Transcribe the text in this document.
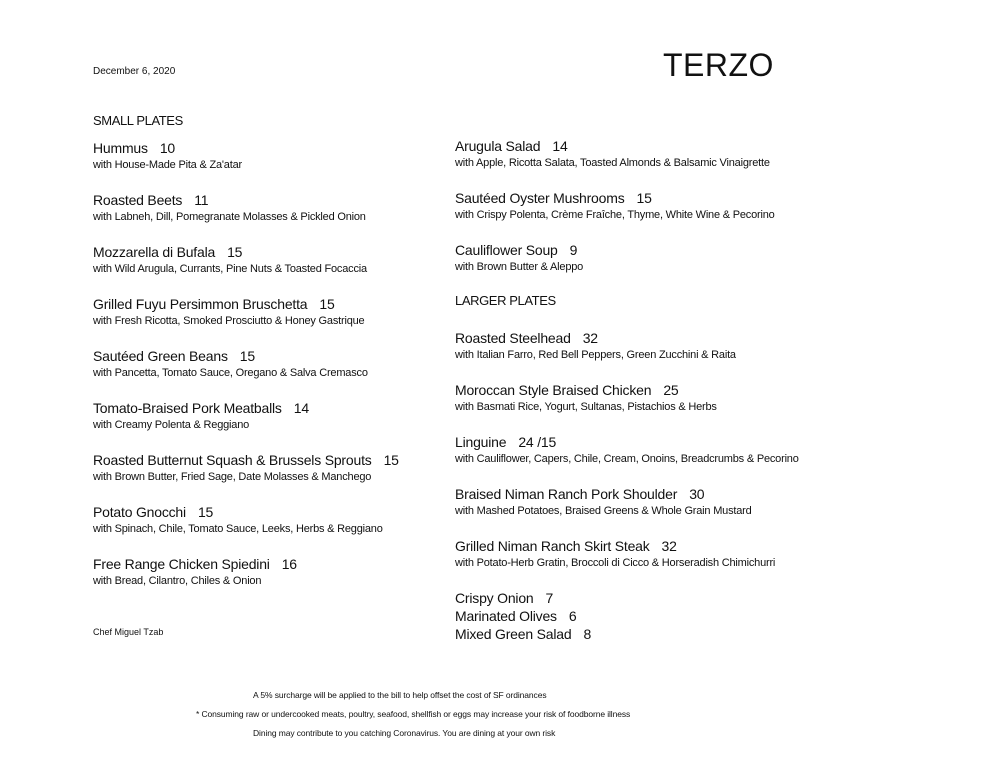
December 6, 2020	TERZO
SMALL PLATES
Hummus 10
with House-Made Pita & Za'atar
Roasted Beets 11
with Labneh, Dill, Pomegranate Molasses & Pickled Onion
Mozzarella di Bufala 15
with Wild Arugula, Currants, Pine Nuts & Toasted Focaccia
Grilled Fuyu Persimmon Bruschetta 15
with Fresh Ricotta, Smoked Prosciutto & Honey Gastrique
Sautéed Green Beans 15
with Pancetta, Tomato Sauce, Oregano & Salva Cremasco
Tomato-Braised Pork Meatballs 14
with Creamy Polenta & Reggiano
Roasted Butternut Squash & Brussels Sprouts 15
with Brown Butter, Fried Sage, Date Molasses & Manchego
Potato Gnocchi 15
with Spinach, Chile, Tomato Sauce, Leeks, Herbs & Reggiano
Free Range Chicken Spiedini 16
with Bread, Cilantro, Chiles & Onion
Arugula Salad 14
with Apple, Ricotta Salata, Toasted Almonds & Balsamic Vinaigrette
Sautéed Oyster Mushrooms 15
with Crispy Polenta, Crème Fraîche, Thyme, White Wine & Pecorino
Cauliflower Soup 9
with Brown Butter & Aleppo
LARGER PLATES
Roasted Steelhead 32
with Italian Farro, Red Bell Peppers, Green Zucchini & Raita
Moroccan Style Braised Chicken 25
with Basmati Rice, Yogurt, Sultanas, Pistachios & Herbs
Linguine 24 /15
with Cauliflower, Capers, Chile, Cream, Onoins, Breadcrumbs & Pecorino
Braised Niman Ranch Pork Shoulder 30
with Mashed Potatoes, Braised Greens & Whole Grain Mustard
Grilled Niman Ranch Skirt Steak 32
with Potato-Herb Gratin, Broccoli di Cicco & Horseradish Chimichurri
Crispy Onion 7
Marinated Olives 6
Mixed Green Salad 8
Chef Miguel Tzab
A 5% surcharge will be applied to the bill to help offset the cost of SF ordinances
* Consuming raw or undercooked meats, poultry, seafood, shellfish or eggs may increase your risk of foodborne illness
Dining may contribute to you catching Coronavirus. You are dining at your own risk
